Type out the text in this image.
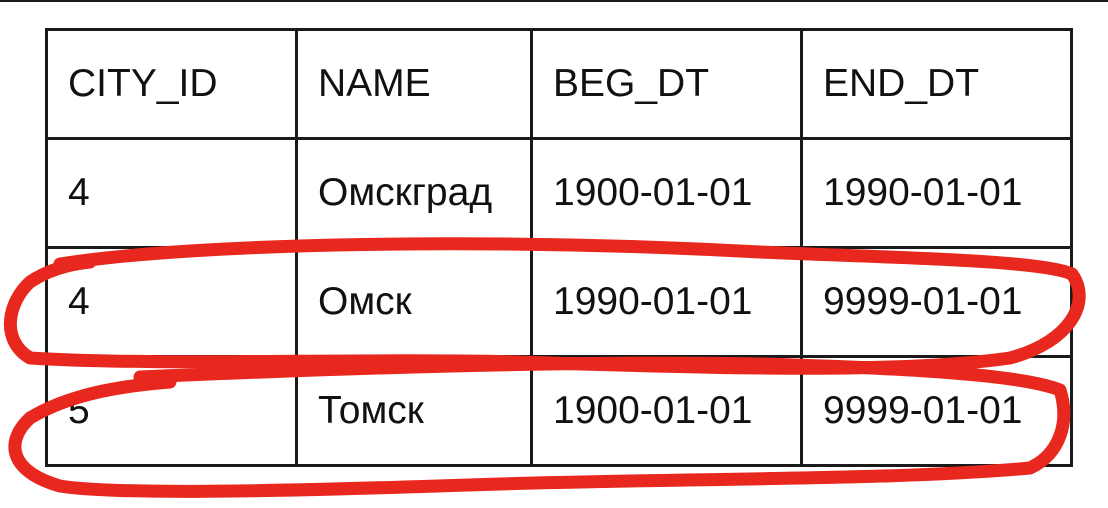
CITY_ID	NAME	BEG_DT	END_DT
4	Омскград	1900-01-01	1990-01-01
4	Омск	1990-01-01	9999-01-01
5	Томск	1900-01-01	9999-01-01
